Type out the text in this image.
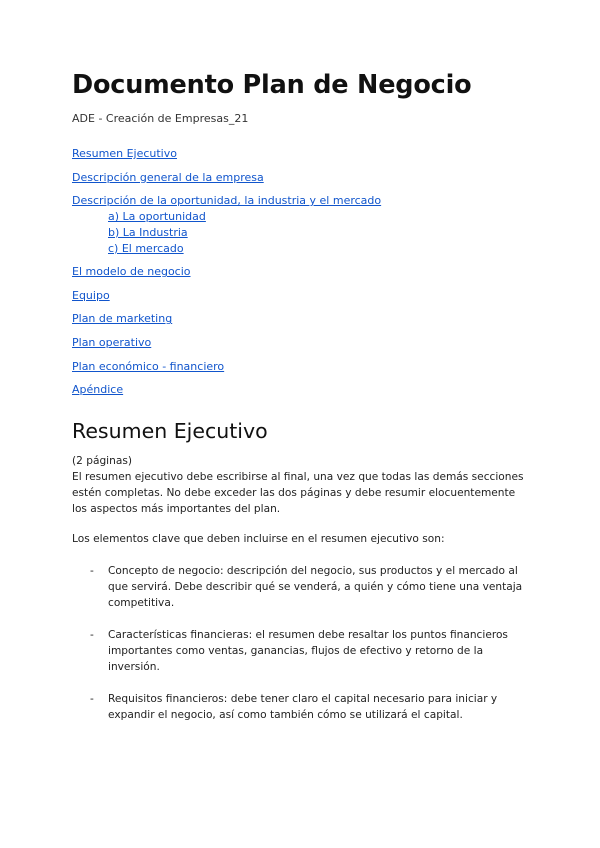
Documento Plan de Negocio
ADE - Creación de Empresas_21
Resumen Ejecutivo
Descripción general de la empresa
Descripción de la oportunidad, la industria y el mercado
a) La oportunidad
b) La Industria
c) El mercado
El modelo de negocio
Equipo
Plan de marketing
Plan operativo
Plan económico - financiero
Apéndice
Resumen Ejecutivo

(2 páginas)

El resumen ejecutivo debe escribirse al final, una vez que todas las demás secciones estén completas. No debe exceder las dos páginas y debe resumir elocuentemente los aspectos más importantes del plan.

Los elementos clave que deben incluirse en el resumen ejecutivo son:

- Concepto de negocio: descripción del negocio, sus productos y el mercado al que servirá. Debe describir qué se venderá, a quién y cómo tiene una ventaja competitiva.
- Características financieras: el resumen debe resaltar los puntos financieros importantes como ventas, ganancias, flujos de efectivo y retorno de la inversión.
- Requisitos financieros: debe tener claro el capital necesario para iniciar y expandir el negocio, así como también cómo se utilizará el capital.
